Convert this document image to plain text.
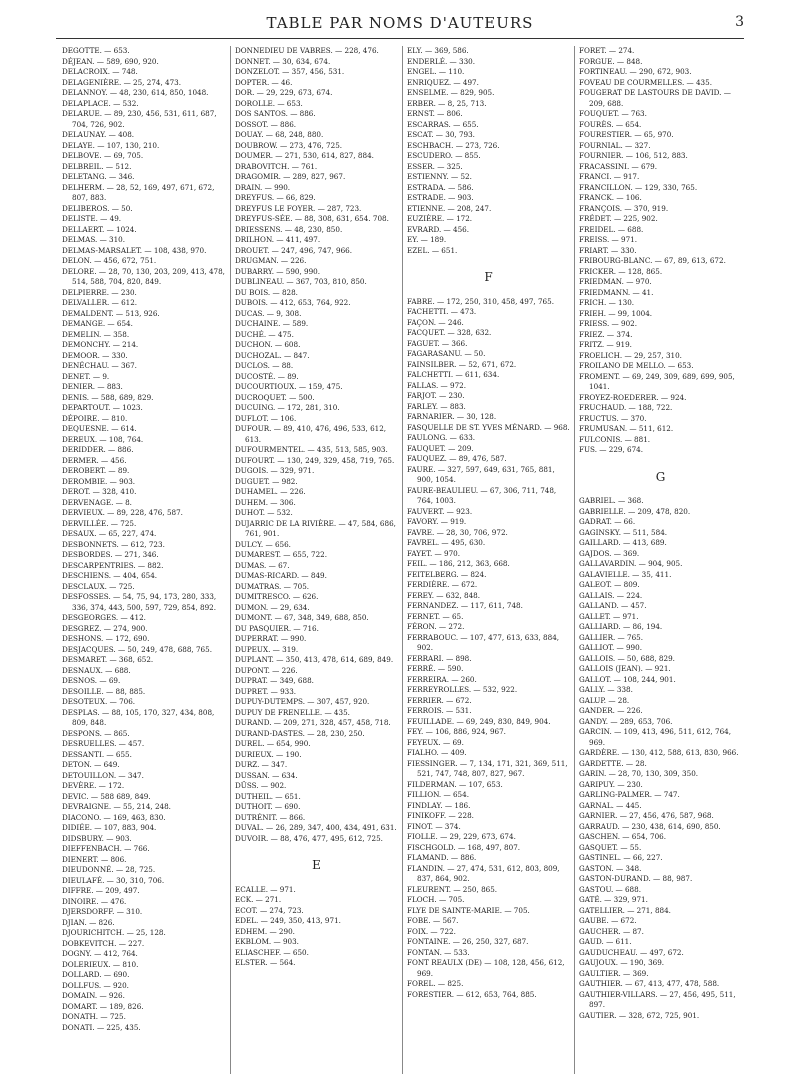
TABLE PAR NOMS D'AUTEURS	3

DEGOTTE. — 653.

DÉJEAN. — 589, 690, 920.

DELACROIX. — 748.

DELAGENIÈRE. — 25, 274, 473.

DELANNOY. — 48, 230, 614, 850, 1048.

DELAPLACE. — 532.

DELARUE. — 89, 230, 456, 531, 611, 687, 704, 726, 902.

DELAUNAY. — 408.

DELAYE. — 107, 130, 210.

DELBOVE. — 69, 705.

DELBREIL. — 512.

DELETANG. — 346.

DELHERM. — 28, 52, 169, 497, 671, 672, 807, 883.

DELIBEROS. — 50.

DELISTE. — 49.

DELLAERT. — 1024.

DELMAS. — 310.

DELMAS-MARSALET. — 108, 438, 970.

DELON. — 456, 672, 751.

DELORE. — 28, 70, 130, 203, 209, 413, 478, 514, 588, 704, 820, 849.

DELPIERRE. — 230.

DELVALLER. — 612.

DEMALDENT. — 513, 926.

DEMANGE. — 654.

DEMELIN. — 358.

DEMONCHY. — 214.

DEMOOR. — 330.

DENÉCHAU. — 367.

DENET. — 9.

DENIER. — 883.

DENIS. — 588, 689, 829.

DEPARTOUT. — 1023.

DÉPOIRE. — 810.

DEQUESNE. — 614.

DEREUX. — 108, 764.

DERIDDER. — 886.

DERMER. — 456.

DEROBERT. — 89.

DEROMBIE. — 903.

DEROT. — 328, 410.

DERVENAGE. — 8.

DERVIEUX. — 89, 228, 476, 587.

DERVILLÉE. — 725.

DESAUX. — 65, 227, 474.

DESBONNETS. — 612, 723.

DESBORDES. — 271, 346.

DESCARPENTRIES. — 882.

DESCHIENS. — 404, 654.

DESCLAUX. — 725.

DESFOSSES. — 54, 75, 94, 173, 280, 333, 336, 374, 443, 500, 597, 729, 854, 892.

DESGEORGES. — 412.

DESGREZ. — 274, 900.

DESHONS. — 172, 690.

DESJACQUES. — 50, 249, 478, 688, 765.

DESMARET. — 368, 652.

DESNAUX. — 688.

DESNOS. — 69.

DESOILLE. — 88, 885.

DESOTEUX. — 706.

DESPLAS. — 88, 105, 170, 327, 434, 808, 809, 848.

DESPONS. — 865.

DESRUELLES. — 457.

DESSANTI. — 655.

DETON. — 649.

DETOUILLON. — 347.

DEVÈRE. — 172.

DEVIC. — 588 689, 849.

DEVRAIGNE. — 55, 214, 248.

DIACONO. — 169, 463, 830.

DIDIÉE. — 107, 883, 904.

DIDSBURY. — 903.

DIEFFENBACH. — 766.

DIENERT. — 806.

DIEUDONNÉ. — 28, 725.

DIEULAFÉ. — 30, 310, 706.

DIFFRE. — 209, 497.

DINOIRE. — 476.

DJERSDORFF. — 310.

DJIAN. — 826.

DJOURICHITCH. — 25, 128.

DOBKEVITCH. — 227.

DOGNY. — 412, 764.

DOLERIEUX. — 810.

DOLLARD. — 690.

DOLLFUS. — 920.

DOMAIN. — 926.

DOMART. — 189, 826.

DONATH. — 725.

DONATI. — 225, 435.

DONNEDIEU DE VABRES. — 228, 476.

DONNET. — 30, 634, 674.

DONZELOT. — 357, 456, 531.

DOPTER. — 46.

DOR. — 29, 229, 673, 674.

DOROLLE. — 653.

DOS SANTOS. — 886.

DOSSOT. — 886.

DOUAY. — 68, 248, 880.

DOUBROW. — 273, 476, 725.

DOUMER. — 271, 530, 614, 827, 884.

DRABOVITCH. — 761.

DRAGOMIR. — 289, 827, 967.

DRAIN. — 990.

DREYFUS. — 66, 829.

DREYFUS LE FOYER. — 287, 723.

DREYFUS-SÉE. — 88, 308, 631, 654. 708.

DRIESSENS. — 48, 230, 850.

DRILHON. — 411, 497.

DROUET. — 247, 496, 747, 966.

DRUGMAN. — 226.

DUBARRY. — 590, 990.

DUBLINEAU. — 367, 703, 810, 850.

DU BOIS. — 828.

DUBOIS. — 412, 653, 764, 922.

DUCAS. — 9, 308.

DUCHAINE. — 589.

DUCHÉ. — 475.

DUCHON. — 608.

DUCHOZAL. — 847.

DUCLOS. — 88.

DUCOSTÉ. — 89.

DUCOURTIOUX. — 159, 475.

DUCROQUET. — 500.

DUCUING. — 172, 281, 310.

DUFLOT. — 106.

DUFOUR. — 89, 410, 476, 496, 533, 612, 613.

DUFOURMENTEL. — 435, 513, 585, 903.

DUFOURT. — 130, 249, 329, 458, 719, 765.

DUGOIS. — 329, 971.

DUGUET. — 982.

DUHAMEL. — 226.

DUHEM. — 306.

DUHOT. — 532.

DUJARRIC DE LA RIVIÈRE. — 47, 584, 686, 761, 901.

DULCY. — 656.

DUMAREST. — 655, 722.

DUMAS. — 67.

DUMAS-RICARD. — 849.

DUMATRAS. — 705.

DUMITRESCO. — 626.

DUMON. — 29, 634.

DUMONT. — 67, 348, 349, 688, 850.

DU PASQUIER. — 716.

DUPERRAT. — 990.

DUPEUX. — 319.

DUPLANT. — 350, 413, 478, 614, 689, 849.

DUPONT. — 226.

DUPRAT. — 349, 688.

DUPRET. — 933.

DUPUY-DUTEMPS. — 307, 457, 920.

DUPUY DE FRENELLE. — 435.

DURAND. — 209, 271, 328, 457, 458, 718.

DURAND-DASTES. — 28, 230, 250.

DUREL. — 654, 990.

DURIEUX. — 190.

DURZ. — 347.

DUSSAN. — 634.

DÜSS. — 902.

DUTHEIL. — 651.

DUTHOIT. — 690.

DUTRÉNIT. — 866.

DUVAL. — 26, 289, 347, 400, 434, 491, 631.

DUVOIR. — 88, 476, 477, 495, 612, 725.

E

ECALLE. — 971.

ECK. — 271.

ECOT. — 274, 723.

EDEL. — 249, 350, 413, 971.

EDHEM. — 290.

EKBLOM. — 903.

ELIASCHEF. — 650.

ELSTER. — 564.

ELY. — 369, 586.

ENDERLÉ. — 330.

ENGEL. — 110.

ENRIQUEZ. — 497.

ENSELME. — 829, 905.

ERBER. — 8, 25, 713.

ERNST. — 806.

ESCARRAS. — 655.

ESCAT. — 30, 793.

ESCHBACH. — 273, 726.

ESCUDERO. — 855.

ESSER. — 325.

ESTIENNY. — 52.

ESTRADA. — 586.

ESTRADE. — 903.

ETIENNE. — 208, 247.

EUZIÈRE. — 172.

EVRARD. — 456.

EY. — 189.

EZEL. — 651.

F

FABRE. — 172, 250, 310, 458, 497, 765.

FACHETTI. — 473.

FAÇON. — 246.

FACQUET. — 328, 632.

FAGUET. — 366.

FAGARASANU. — 50.

FAINSILBER. — 52, 671, 672.

FALCHETTI. — 611, 634.

FALLAS. — 972.

FARJOT. — 230.

FARLEY. — 883.

FARNARIER. — 30, 128.

FASQUELLE DE ST. YVES MÉNARD. — 968.

FAULONG. — 633.

FAUQUET. — 209.

FAUQUEZ. — 89, 476, 587.

FAURE. — 327, 597, 649, 631, 765, 881, 900, 1054.

FAURE-BEAULIEU. — 67, 306, 711, 748, 764, 1003.

FAUVERT. — 923.

FAVORY. — 919.

FAVRE. — 28, 30, 706, 972.

FAVREL. — 495, 630.

FAYET. — 970.

FEIL. — 186, 212, 363, 668.

FEITELBERG. — 824.

FERDIÈRE. — 672.

FEREY. — 632, 848.

FERNANDEZ. — 117, 611, 748.

FERNET. — 65.

FÉRON. — 272.

FERRABOUC. — 107, 477, 613, 633, 884, 902.

FERRARI. — 898.

FERRÉ. — 590.

FERREIRA. — 260.

FERREYROLLES. — 532, 922.

FERRIER. — 672.

FERROIS. — 531.

FEUILLADE. — 69, 249, 830, 849, 904.

FEY. — 106, 886, 924, 967.

FEYEUX. — 69.

FIALHO. — 409.

FIESSINGER. — 7, 134, 171, 321, 369, 511, 521, 747, 748, 807, 827, 967.

FILDERMAN. — 107, 653.

FILLION. — 654.

FINDLAY. — 186.

FINIKOFF. — 228.

FINOT. — 374.

FIOLLE. — 29, 229, 673, 674.

FISCHGOLD. — 168, 497, 807.

FLAMAND. — 886.

FLANDIN. — 27, 474, 531, 612, 803, 809, 837, 864, 902.

FLEURENT. — 250, 865.

FLOCH. — 705.

FLYE DE SAINTE-MARIE. — 705.

FOBE. — 567.

FOIX. — 722.

FONTAINE. — 26, 250, 327, 687.

FONTAN. — 533.

FONT REAULX (DE) — 108, 128, 456, 612, 969.

FOREL. — 825.

FORESTIER. — 612, 653, 764, 885.

FORET. — 274.

FORGUE. — 848.

FORTINEAU. — 290, 672, 903.

FOVEAU DE COURMELLES. — 435.

FOUGERAT DE LASTOURS DE DAVID. — 209, 688.

FOUQUET. — 763.

FOURÈS. — 654.

FOURESTIER. — 65, 970.

FOURNIAL. — 327.

FOURNIER. — 106, 512, 883.

FRACASSINI. — 679.

FRANCI. — 917.

FRANCILLON. — 129, 330, 765.

FRANCK. — 106.

FRANÇOIS. — 370, 919.

FRÉDET. — 225, 902.

FREIDEL. — 688.

FREISS. — 971.

FRIART. — 330.

FRIBOURG-BLANC. — 67, 89, 613, 672.

FRICKER. — 128, 865.

FRIEDMAN. — 970.

FRIEDMANN. — 41.

FRICH. — 130.

FRIEH. — 99, 1004.

FRIESS. — 902.

FRIEZ. — 374.

FRITZ. — 919.

FROELICH. — 29, 257, 310.

FROILANO DE MELLO. — 653.

FROMENT. — 69, 249, 309, 689, 699, 905, 1041.

FROYEZ-ROEDERER. — 924.

FRUCHAUD. — 188, 722.

FRUCTUS. — 370.

FRUMUSAN. — 511, 612.

FULCONIS. — 881.

FUS. — 229, 674.

G

GABRIEL. — 368.

GABRIELLE. — 209, 478, 820.

GADRAT. — 66.

GAGINSKY. — 511, 584.

GAILLARD. — 413, 689.

GAJDOS. — 369.

GALLAVARDIN. — 904, 905.

GALAVIELLE. — 35, 411.

GALEOT. — 809.

GALLAIS. — 224.

GALLAND. — 457.

GALLET. — 971.

GALLIARD. — 86, 194.

GALLIER. — 765.

GALLIOT. — 990.

GALLOIS. — 50, 688, 829.

GALLOIS (JEAN). — 921.

GALLOT. — 108, 244, 901.

GALLY. — 338.

GALUP. — 28.

GANDER. — 226.

GANDY. — 289, 653, 706.

GARCIN. — 109, 413, 496, 511, 612, 764, 969.

GARDÈRE. — 130, 412, 588, 613, 830, 966.

GARDETTE. — 28.

GARIN. — 28, 70, 130, 309, 350.

GARIPUY. — 230.

GARLING-PALMER. — 747.

GARNAL. — 445.

GARNIER. — 27, 456, 476, 587, 968.

GARRAUD. — 230, 438, 614, 690, 850.

GASCHEN. — 654, 706.

GASQUET. — 55.

GASTINEL. — 66, 227.

GASTON. — 348.

GASTON-DURAND. — 88, 987.

GASTOU. — 688.

GATÉ. — 329, 971.

GATELLIER. — 271, 884.

GAUBE. — 672.

GAUCHER. — 87.

GAUD. — 611.

GAUDUCHEAU. — 497, 672.

GAUJOUX. — 190, 369.

GAULTIER. — 369.

GAUTHIER. — 67, 413, 477, 478, 588.

GAUTHIER-VILLARS. — 27, 456, 495, 511, 897.

GAUTIER. — 328, 672, 725, 901.
